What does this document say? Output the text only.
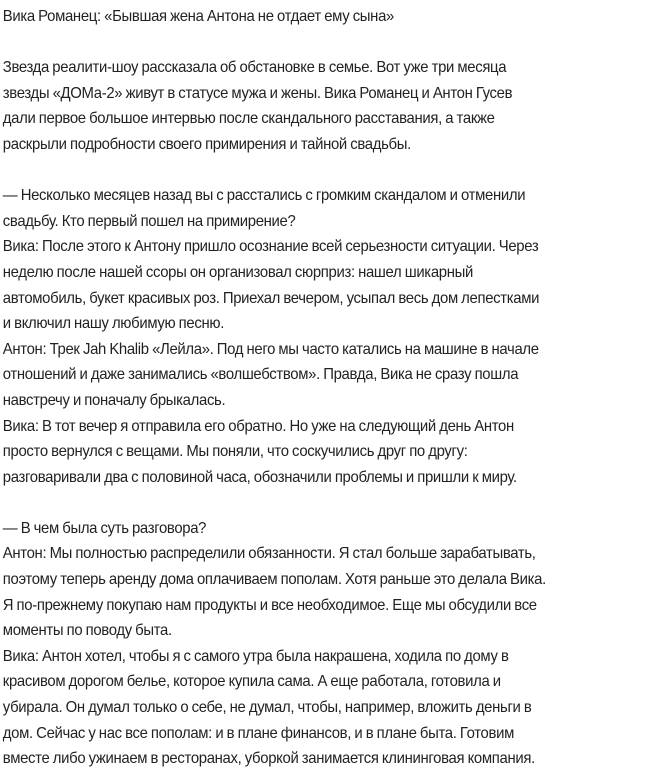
Вика Романец: «Бывшая жена Антона не отдает ему сына»
Звезда реалити-шоу рассказала об обстановке в семье. Вот уже три месяца
звезды «ДОМа-2» живут в статусе мужа и жены. Вика Романец и Антон Гусев
дали первое большое интервью после скандального расставания, а также
раскрыли подробности своего примирения и тайной свадьбы.
— Несколько месяцев назад вы с расстались с громким скандалом и отменили
свадьбу. Кто первый пошел на примирение?
Вика: После этого к Антону пришло осознание всей серьезности ситуации. Через
неделю после нашей ссоры он организовал сюрприз: нашел шикарный
автомобиль, букет красивых роз. Приехал вечером, усыпал весь дом лепестками
и включил нашу любимую песню.
Антон: Трек Jah Khalib «Лейла». Под него мы часто катались на машине в начале
отношений и даже занимались «волшебством». Правда, Вика не сразу пошла
навстречу и поначалу брыкалась.
Вика: В тот вечер я отправила его обратно. Но уже на следующий день Антон
просто вернулся с вещами. Мы поняли, что соскучились друг по другу:
разговаривали два с половиной часа, обозначили проблемы и пришли к миру.
— В чем была суть разговора?
Антон: Мы полностью распределили обязанности. Я стал больше зарабатывать,
поэтому теперь аренду дома оплачиваем пополам. Хотя раньше это делала Вика.
Я по-прежнему покупаю нам продукты и все необходимое. Еще мы обсудили все
моменты по поводу быта.
Вика: Антон хотел, чтобы я с самого утра была накрашена, ходила по дому в
красивом дорогом белье, которое купила сама. А еще работала, готовила и
убирала. Он думал только о себе, не думал, чтобы, например, вложить деньги в
дом. Сейчас у нас все пополам: и в плане финансов, и в плане быта. Готовим
вместе либо ужинаем в ресторанах, уборкой занимается клининговая компания.
